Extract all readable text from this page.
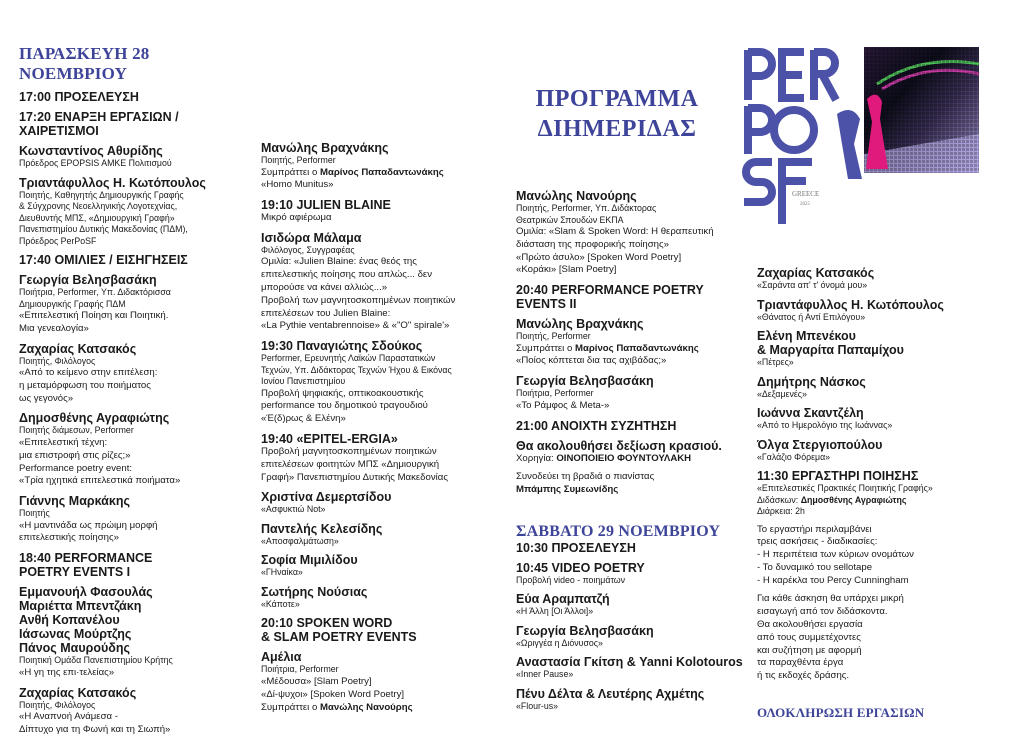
ΠΑΡΑΣΚΕΥΗ 28 ΝΟΕΜΒΡΙΟΥ
17:00 ΠΡΟΣΕΛΕΥΣΗ
17:20 ΕΝΑΡΞΗ ΕΡΓΑΣΙΩΝ /
ΧΑΙΡΕΤΙΣΜΟΙ
Κωνσταντίνος Αθυρίδης
Πρόεδρος EPOPSIS AMKE Πολιτισμού
Τριαντάφυλλος Η. Κωτόπουλος
Ποιητής, Καθηγητής Δημιουργικής Γραφής
& Σύγχρονης Νεοελληνικής Λογοτεχνίας,
Διευθυντής ΜΠΣ, «Δημιουργική Γραφή»
Πανεπιστημίου Δυτικής Μακεδονίας (ΠΔΜ),
Πρόεδρος PerPoSF
17:40 ΟΜΙΛΙΕΣ / ΕΙΣΗΓΗΣΕΙΣ
Γεωργία Βελησβασάκη
Ποιήτρια, Performer, Υπ. Διδακτόρισσα
Δημιουργικής Γραφής ΠΔΜ
«Επιτελεστική Ποίηση και Ποιητική.
Μια γενεαλογία»
Ζαχαρίας Κατσακός
Ποιητής, Φιλόλογος
«Από το κείμενο στην επιτέλεση:
η μεταμόρφωση του ποιήματος
ως γεγονός»
Δημοσθένης Αγραφιώτης
Ποιητής διάμεσων, Performer
«Επιτελεστική τέχνη:
μια επιστροφή στις ρίζες;»
Performance poetry event:
«Τρία ηχητικά επιτελεστικά ποιήματα»
Γιάννης Μαρκάκης
Ποιητής
«Η μαντινάδα ως πρώιμη μορφή
επιτελεστικής ποίησης»
18:40 PERFORMANCE
POETRY EVENTS I
Εμμανουήλ Φασουλάς
Μαριέττα Μπεντζάκη
Ανθή Κοπανέλου
Ιάσωνας Μούρτζης
Πάνος Μαυρούδης
Ποιητική Ομάδα Πανεπιστημίου Κρήτης
«Η γη της επι·τελείας»
Ζαχαρίας Κατσακός
Ποιητής, Φιλόλογος
«Η Αναπνοή Ανάμεσα -
Δίπτυχο για τη Φωνή και τη Σιωπή»
Μανώλης Βραχνάκης
Ποιητής, Performer
Συμπράττει ο Μαρίνος Παπαδαντωνάκης
«Homo Munitus»
19:10 JULIEN BLAINE
Μικρό αφιέρωμα
Ισιδώρα Μάλαμα
Φιλόλογος, Συγγραφέας
Ομιλία: «Julien Blaine: ένας θεός της
επιτελεστικής ποίησης που απλώς... δεν
μπορούσε να κάνει αλλιώς...»
Προβολή των μαγνητοσκοπημένων ποιητικών
επιτελέσεων του Julien Blaine:
«La Pythie ventabrennoise» & «"O" spirale'»
19:30 Παναγιώτης Σδούκος
Performer, Ερευνητής Λαϊκών Παραστατικών
Τεχνών, Υπ. Διδάκτορας Τεχνών Ήχου & Εικόνας
Ιονίου Πανεπιστημίου
Προβολή ψηφιακής, οπτικοακουστικής
performance του δημοτικού τραγουδιού
«Έ(δ)ρως & Ελένη»
19:40 «EPITEL-ERGIA»
Προβολή μαγνητοσκοπημένων ποιητικών
επιτελέσεων φοιτητών ΜΠΣ «Δημιουργική
Γραφή» Πανεπιστημίου Δυτικής Μακεδονίας
Χριστίνα Δεμερτσίδου
«Ασφυκτιώ Not»
Παντελής Κελεσίδης
«Αποσφαλμάτωση»
Σοφία Μιμιλίδου
«ΓΗναίκα»
Σωτήρης Νούσιας
«Κάποτε»
20:10 SPOKEN WORD
& SLAM POETRY EVENTS
Αμέλια
Ποιήτρια, Performer
«Μέδουσα» [Slam Poetry]
«Δί-ψυχοι» [Spoken Word Poetry]
Συμπράττει ο Μανώλης Νανούρης
ΠΡΟΓΡΑΜΜΑ
ΔΙΗΜΕΡΙΔΑΣ
Μανώλης Νανούρης
Ποιητής, Performer, Υπ. Διδάκτορας
Θεατρικών Σπουδών ΕΚΠΑ
Ομιλία: «Slam & Spoken Word: Η θεραπευτική
διάσταση της προφορικής ποίησης»
«Πρώτο άσυλο» [Spoken Word Poetry]
«Κοράκι» [Slam Poetry]
20:40 PERFORMANCE POETRY
EVENTS II
Μανώλης Βραχνάκης
Ποιητής, Performer
Συμπράττει ο Μαρίνος Παπαδαντωνάκης
«Ποίος κόπτεται δια τας αχιβάδας;»
Γεωργία Βελησβασάκη
Ποιήτρια, Performer
«Το Ράμφος & Meta-»
21:00 ΑΝΟΙΧΤΗ ΣΥΖΗΤΗΣΗ
Θα ακολουθήσει δεξίωση κρασιού.
Χορηγία: ΟΙΝΟΠΟΙΕΙΟ ΦΟΥΝΤΟΥΛΑΚΗ
Συνοδεύει τη βραδιά ο πιανίστας
Μπάμπης Συμεωνίδης
ΣΑΒΒΑΤΟ 29 ΝΟΕΜΒΡΙΟΥ
10:30 ΠΡΟΣΕΛΕΥΣΗ
10:45 VIDEO POETRY
Προβολή video - ποιημάτων
Εύα Αραμπατζή
«Η Άλλη [Οι Άλλοι]»
Γεωργία Βελησβασάκη
«Ωριγγέα η Διόνυσος»
Αναστασία Γκίτση & Yanni Kolotouros
«Inner Pause»
Πένυ Δέλτα & Λευτέρης Αχμέτης
«Flour-us»
Ζαχαρίας Κατσακός
«Σαράντα απ' τ' όνομά μου»
Τριαντάφυλλος Η. Κωτόπουλος
«Θάνατος ή Αντί Επιλόγου»
Ελένη Μπενέκου
& Μαργαρίτα Παπαμίχου
«Πέτρες»
Δημήτρης Νάσκος
«Δεξαμενές»
Ιωάννα Σκαντζέλη
«Από το Ημερολόγιο της Ιωάννας»
Όλγα Στεργιοπούλου
«Γαλάζιο Φόρεμα»
11:30 ΕΡΓΑΣΤΗΡΙ ΠΟΙΗΣΗΣ
«Επιτελεστικές Πρακτικές Ποιητικής Γραφής»
Διδάσκων: Δημοσθένης Αγραφιώτης
Διάρκεια: 2h
Το εργαστήρι περιλαμβάνει
τρεις ασκήσεις - διαδικασίες:
- Η περιπέτεια των κύριων ονομάτων
- Το δυναμικό του sellotape
- Η καρέκλα του Percy Cunningham
Για κάθε άσκηση θα υπάρχει μικρή
εισαγωγή από τον διδάσκοντα.
Θα ακολουθήσει εργασία
από τους συμμετέχοντες
και συζήτηση με αφορμή
τα παραχθέντα έργα
ή τις εκδοχές δράσης.
ΟΛΟΚΛΗΡΩΣΗ ΕΡΓΑΣΙΩΝ
GREECE
2025
